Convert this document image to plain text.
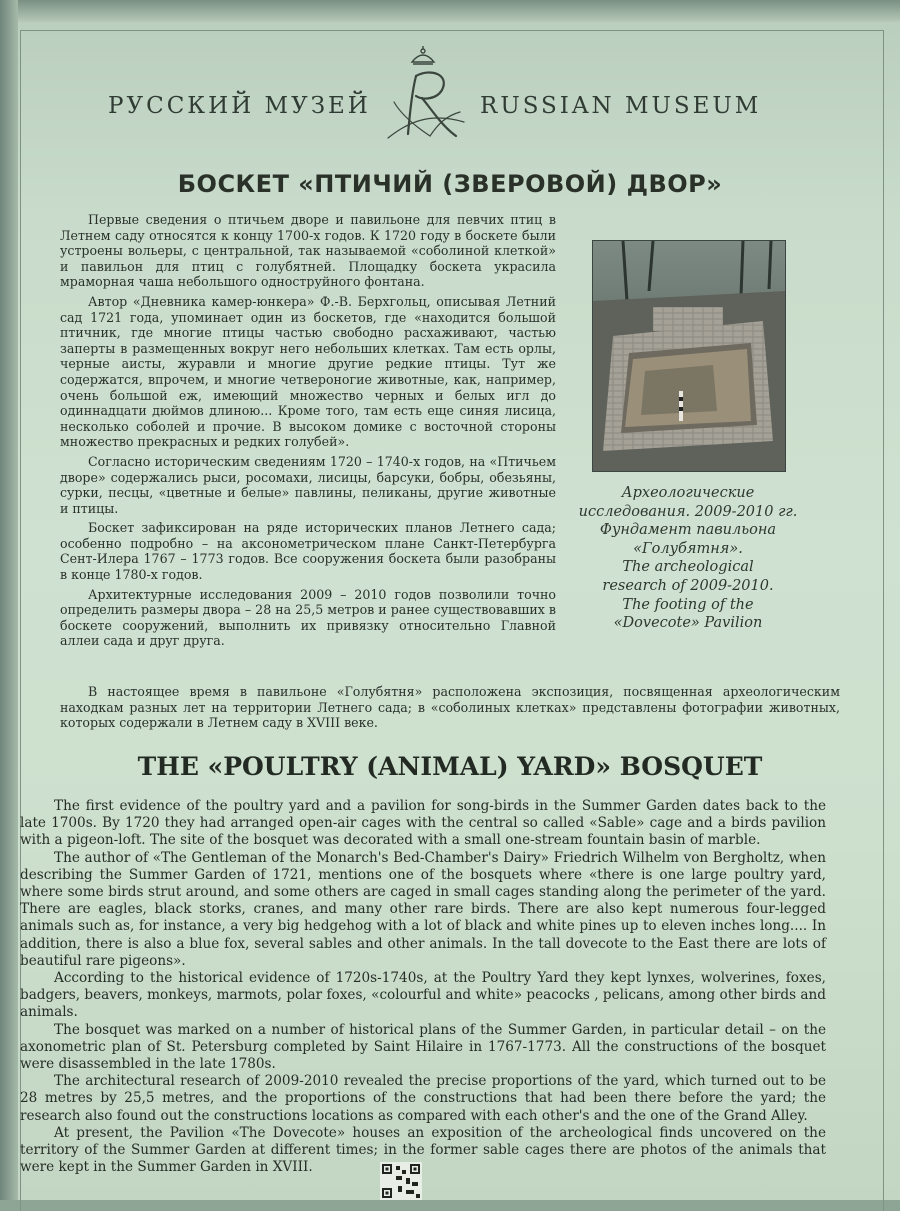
РУССКИЙ МУЗЕЙ	RUSSIAN MUSEUM
БОСКЕТ «ПТИЧИЙ (ЗВЕРОВОЙ) ДВОР»

Первые сведения о птичьем дворе и павильоне для певчих птиц в Летнем саду относятся к концу 1700-х годов. К 1720 году в боскете были устроены вольеры, с центральной, так называемой «соболиной клеткой» и павильон для птиц с голубятней. Площадку боскета украсила мраморная чаша небольшого одноструйного фонтана.

Автор «Дневника камер-юнкера» Ф.-В. Берхгольц, описывая Летний сад 1721 года, упоминает один из боскетов, где «находится большой птичник, где многие птицы частью свободно расхаживают, частью заперты в размещенных вокруг него небольших клетках. Там есть орлы, черные аисты, журавли и многие другие редкие птицы. Тут же содержатся, впрочем, и многие четвероногие животные, как, например, очень большой еж, имеющий множество черных и белых игл до одиннадцати дюймов длиною... Кроме того, там есть еще синяя лисица, несколько соболей и прочие. В высоком домике с восточной стороны множество прекрасных и редких голубей».

Согласно историческим сведениям 1720 – 1740-х годов, на «Птичьем дворе» содержались рыси, росомахи, лисицы, барсуки, бобры, обезьяны, сурки, песцы, «цветные и белые» павлины, пеликаны, другие животные и птицы.

Боскет зафиксирован на ряде исторических планов Летнего сада; особенно подробно – на аксонометрическом плане Санкт-Петербурга Сент-Илера 1767 – 1773 годов. Все сооружения боскета были разобраны в конце 1780-х годов.

Архитектурные исследования 2009 – 2010 годов позволили точно определить размеры двора – 28 на 25,5 метров и ранее существовавших в боскете сооружений, выполнить их привязку относительно Главной аллеи сада и друг друга.

Археологические
исследования. 2009-2010 гг.
Фундамент павильона
«Голубятня».
The archeological
research of 2009-2010.
The footing of the
«Dovecote» Pavilion

В настоящее время в павильоне «Голубятня» расположена экспозиция, посвященная археологическим находкам разных лет на территории Летнего сада; в «соболиных клетках» представлены фотографии животных, которых содержали в Летнем саду в XVIII веке.

THE «POULTRY (ANIMAL) YARD» BOSQUET

The first evidence of the poultry yard and a pavilion for song-birds in the Summer Garden dates back to the late 1700s. By 1720 they had arranged open-air cages with the central so called «Sable» cage and a birds pavilion with a pigeon-loft. The site of the bosquet was decorated with a small one-stream fountain basin of marble.

The author of «The Gentleman of the Monarch's Bed-Chamber's Dairy» Friedrich Wilhelm von Bergholtz, when describing the Summer Garden of 1721, mentions one of the bosquets where «there is one large poultry yard, where some birds strut around, and some others are caged in small cages standing along the perimeter of the yard. There are eagles, black storks, cranes, and many other rare birds. There are also kept numerous four-legged animals such as, for instance, a very big hedgehog with a lot of black and white pines up to eleven inches long.... In addition, there is also a blue fox, several sables and other animals. In the tall dovecote to the East there are lots of beautiful rare pigeons».

According to the historical evidence of 1720s-1740s, at the Poultry Yard they kept lynxes, wolverines, foxes, badgers, beavers, monkeys, marmots, polar foxes, «colourful and white» peacocks , pelicans, among other birds and animals.

The bosquet was marked on a number of historical plans of the Summer Garden, in particular detail – on the axonometric plan of St. Petersburg completed by Saint Hilaire in 1767-1773. All the constructions of the bosquet were disassembled in the late 1780s.

The architectural research of 2009-2010 revealed the precise proportions of the yard, which turned out to be 28 metres by 25,5 metres, and the proportions of the constructions that had been there before the yard; the research also found out the constructions locations as compared with each other's and the one of the Grand Alley.

At present, the Pavilion «The Dovecote» houses an exposition of the archeological finds uncovered on the territory of the Summer Garden at different times; in the former sable cages there are photos of the animals that were kept in the Summer Garden in XVIII.
